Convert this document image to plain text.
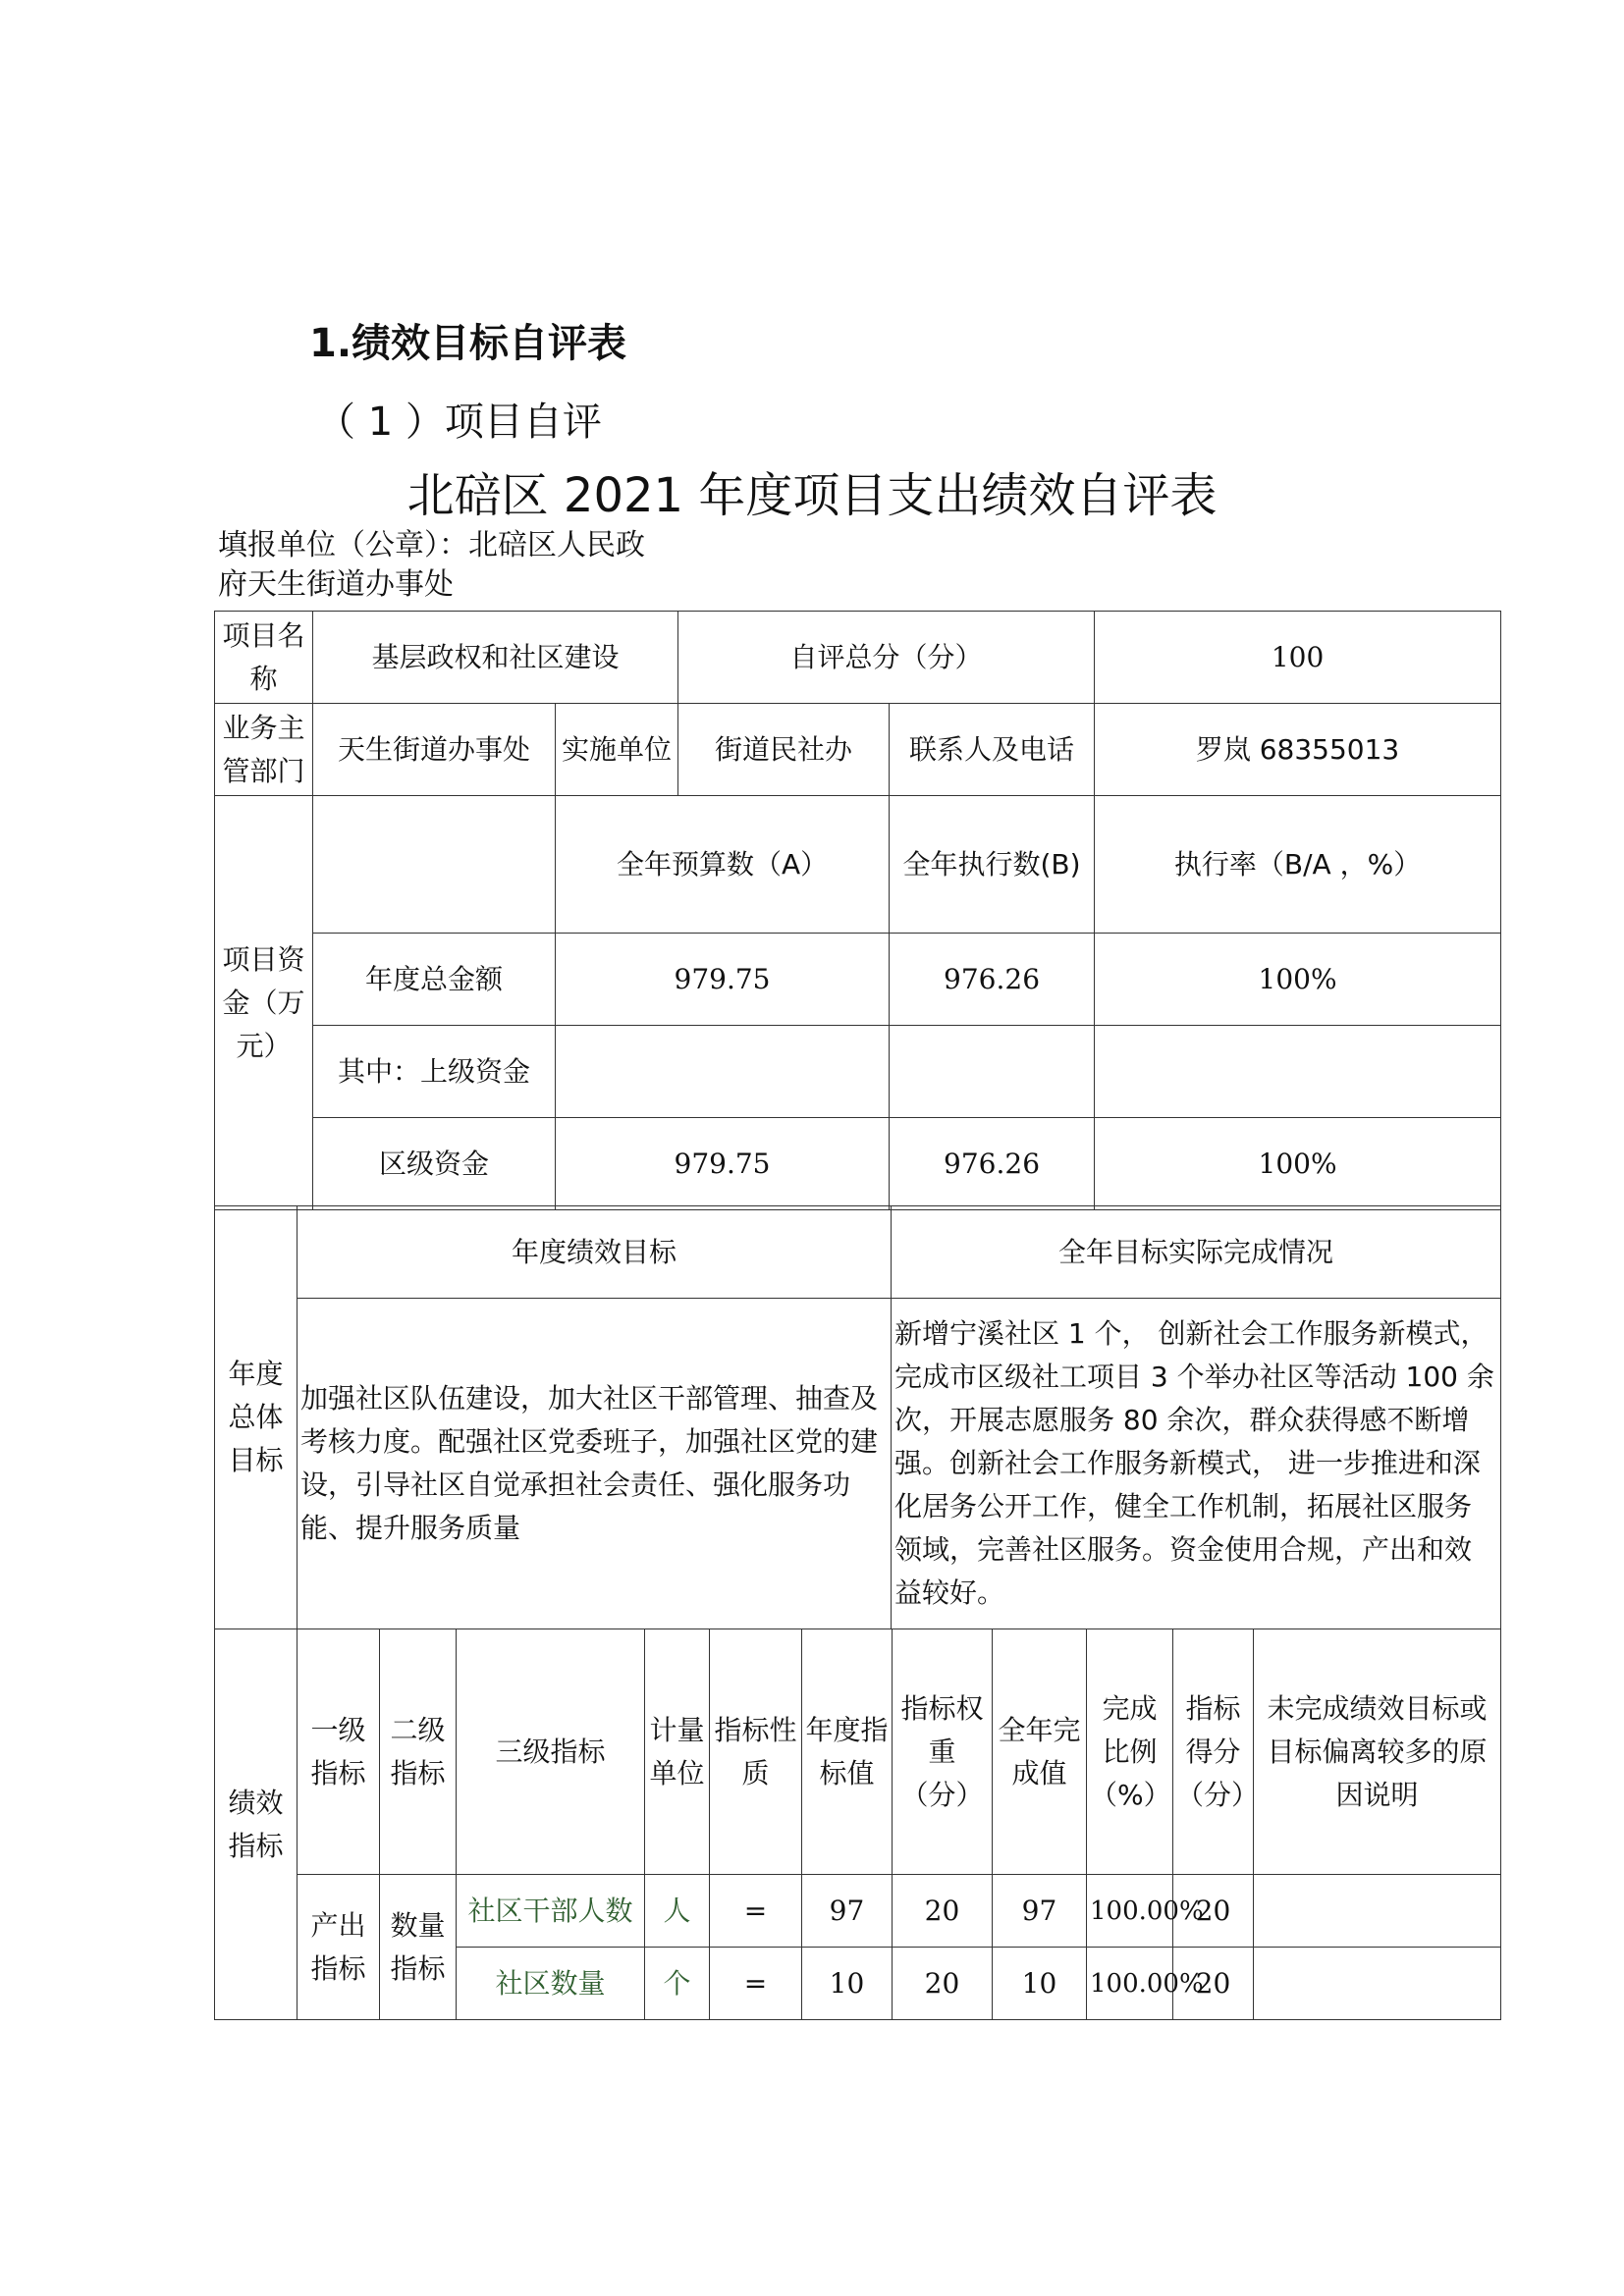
1.绩效目标自评表
（ 1 ）项目自评
北碚区 2021 年度项目支出绩效自评表
填报单位（公章）：北碚区人民政府天生街道办事处
项目名称	基层政权和社区建设		自评总分（分）		100
业务主管部门	天生街道办事处	实施单位	街道民社办	联系人及电话	罗岚 68355013
项目资金（万元）		全年预算数（A）		全年执行数(B)	执行率（B/A ，%）
	年度总金额	979.75		976.26	100%
	其中：上级资金				
	区级资金	979.75		976.26	100%
年度总体目标	年度绩效目标	全年目标实际完成情况
	加强社区队伍建设，加大社区干部管理、抽查及考核力度。配强社区党委班子，加强社区党的建设，引导社区自觉承担社会责任、强化服务功能、提升服务质量	新增宁溪社区 1 个， 创新社会工作服务新模式，完成市区级社工项目 3 个举办社区等活动 100 余次，开展志愿服务 80 余次，群众获得感不断增强。创新社会工作服务新模式， 进一步推进和深化居务公开工作，健全工作机制，拓展社区服务领域，完善社区服务。资金使用合规，产出和效益较好。
绩效指标	一级指标	二级指标	三级指标	计量单位	指标性质	年度指标值	指标权重（分）	全年完成值	完成比例（%）	指标得分（分）	未完成绩效目标或目标偏离较多的原因说明
	产出指标	数量指标	社区干部人数	人	=	97	20	97	100.00%	20	
			社区数量	个	=	10	20	10	100.00%	20	
